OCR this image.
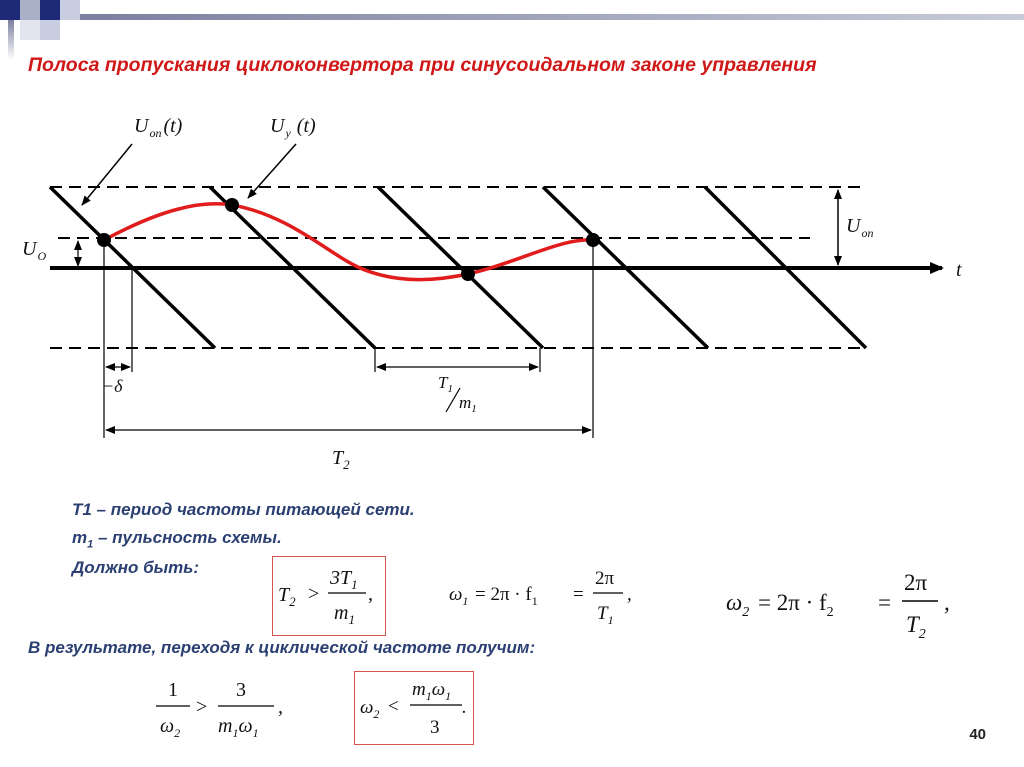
Полоса пропускания циклоконвертора при синусоидальном законе управления
$U_{оп}$ (t)	$U_у$ (t)
$U_{оп}$
$U_O$
t
−δ	$T_1$
$m_1$
$T_2$
T1 – период частоты питающей сети.
$m_1$ – пульсность схемы.
Должно быть:
$T_2$ >
$3T_1$
$m_1$
,	$\omega_1 = 2\pi \cdot f_1$ =
2π
$T_1$
,	$\omega_2 = 2\pi \cdot f_2$ =
2π
$T_2$
,
В результате, переходя к циклической частоте получим:
1
$\omega_2$
>
3
$m_1\omega_1$
,	$\omega_2$ <
$m_1\omega_1$
3
.
40
